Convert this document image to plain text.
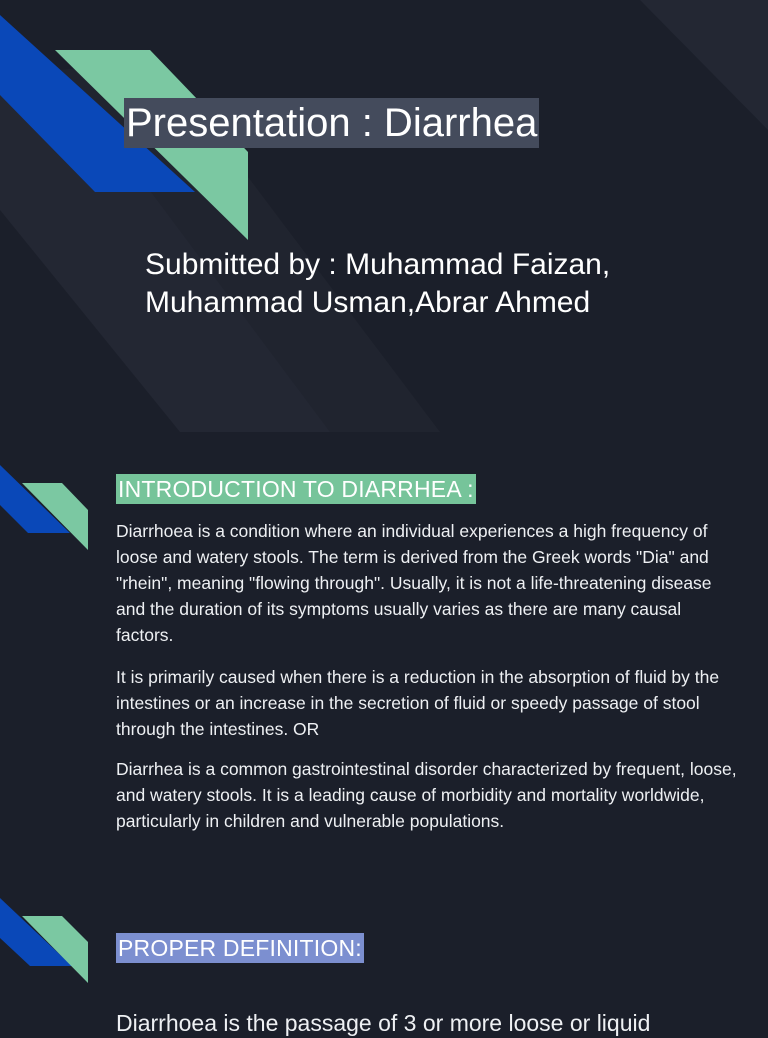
Presentation : Diarrhea
Submitted by : Muhammad Faizan, Muhammad Usman,Abrar Ahmed
INTRODUCTION TO DIARRHEA :

Diarrhoea is a condition where an individual experiences a high frequency of loose and watery stools. The term is derived from the Greek words "Dia" and "rhein", meaning "flowing through". Usually, it is not a life-threatening disease and the duration of its symptoms usually varies as there are many causal factors.

It is primarily caused when there is a reduction in the absorption of fluid by the intestines or an increase in the secretion of fluid or speedy passage of stool through the intestines. OR

Diarrhea is a common gastrointestinal disorder characterized by frequent, loose, and watery stools. It is a leading cause of morbidity and mortality worldwide, particularly in children and vulnerable populations.

PROPER DEFINITION:

Diarrhoea is the passage of 3 or more loose or liquid
